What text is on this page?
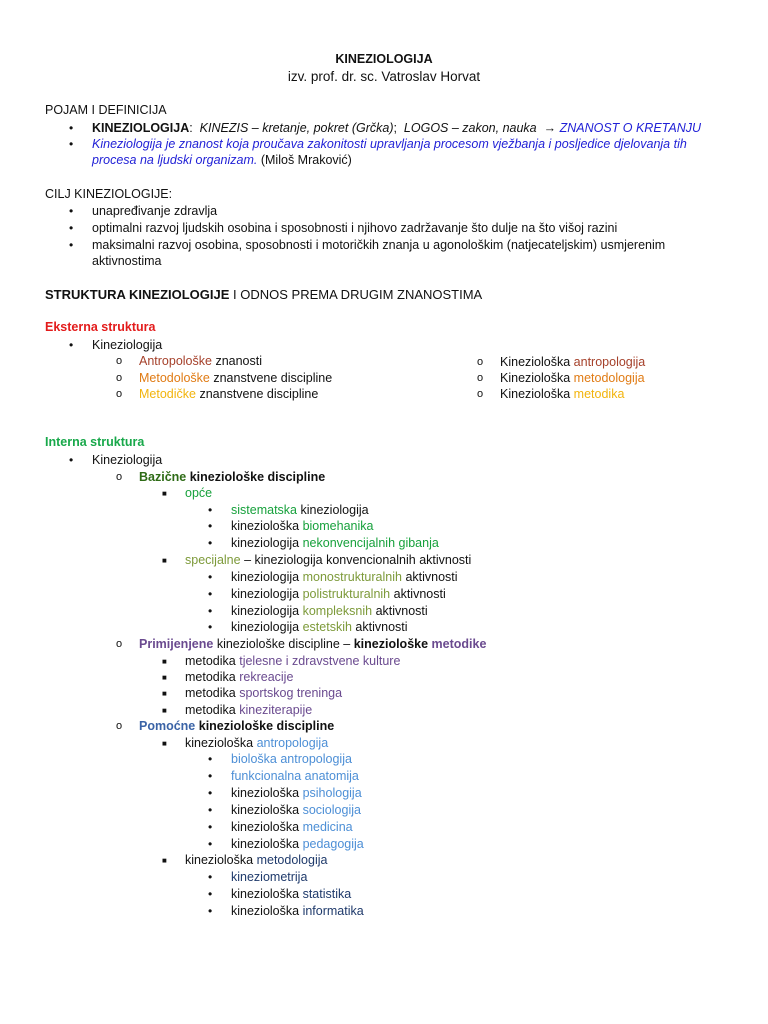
KINEZIOLOGIJA
izv. prof. dr. sc. Vatroslav Horvat
POJAM I DEFINICIJA
• KINEZIOLOGIJA: KINEZIS – kretanje, pokret (Grčka); LOGOS – zakon, nauka → ZNANOST O KRETANJU
• Kineziologija je znanost koja proučava zakonitosti upravljanja procesom vježbanja i posljedice djelovanja tih
procesa na ljudski organizam. (Miloš Mraković)
CILJ KINEZIOLOGIJE:
• unapređivanje zdravlja
• optimalni razvoj ljudskih osobina i sposobnosti i njihovo zadržavanje što dulje na što višoj razini
• maksimalni razvoj osobina, sposobnosti i motoričkih znanja u agonološkim (natjecateljskim) usmjerenim
aktivnostima
STRUKTURA KINEZIOLOGIJE I ODNOS PREMA DRUGIM ZNANOSTIMA
Eksterna struktura
• Kineziologija
o Antropološke znanosti
o Metodološke znanstvene discipline
o Metodičke znanstvene discipline
o Kineziološka antropologija
o Kineziološka metodologija
o Kineziološka metodika
Interna struktura
• Kineziologija
o Bazične kineziološke discipline
■ opće
• sistematska kineziologija
• kineziološka biomehanika
• kineziologija nekonvencijalnih gibanja
■ specijalne – kineziologija konvencionalnih aktivnosti
• kineziologija monostrukturalnih aktivnosti
• kineziologija polistrukturalnih aktivnosti
• kineziologija kompleksnih aktivnosti
• kineziologija estetskih aktivnosti
o Primijenjene kineziološke discipline – kineziološke metodike
■ metodika tjelesne i zdravstvene kulture
■ metodika rekreacije
■ metodika sportskog treninga
■ metodika kineziterapije
o Pomoćne kineziološke discipline
■ kineziološka antropologija
• biološka antropologija
• funkcionalna anatomija
• kineziološka psihologija
• kineziološka sociologija
• kineziološka medicina
• kineziološka pedagogija
■ kineziološka metodologija
• kineziometrija
• kineziološka statistika
• kineziološka informatika
